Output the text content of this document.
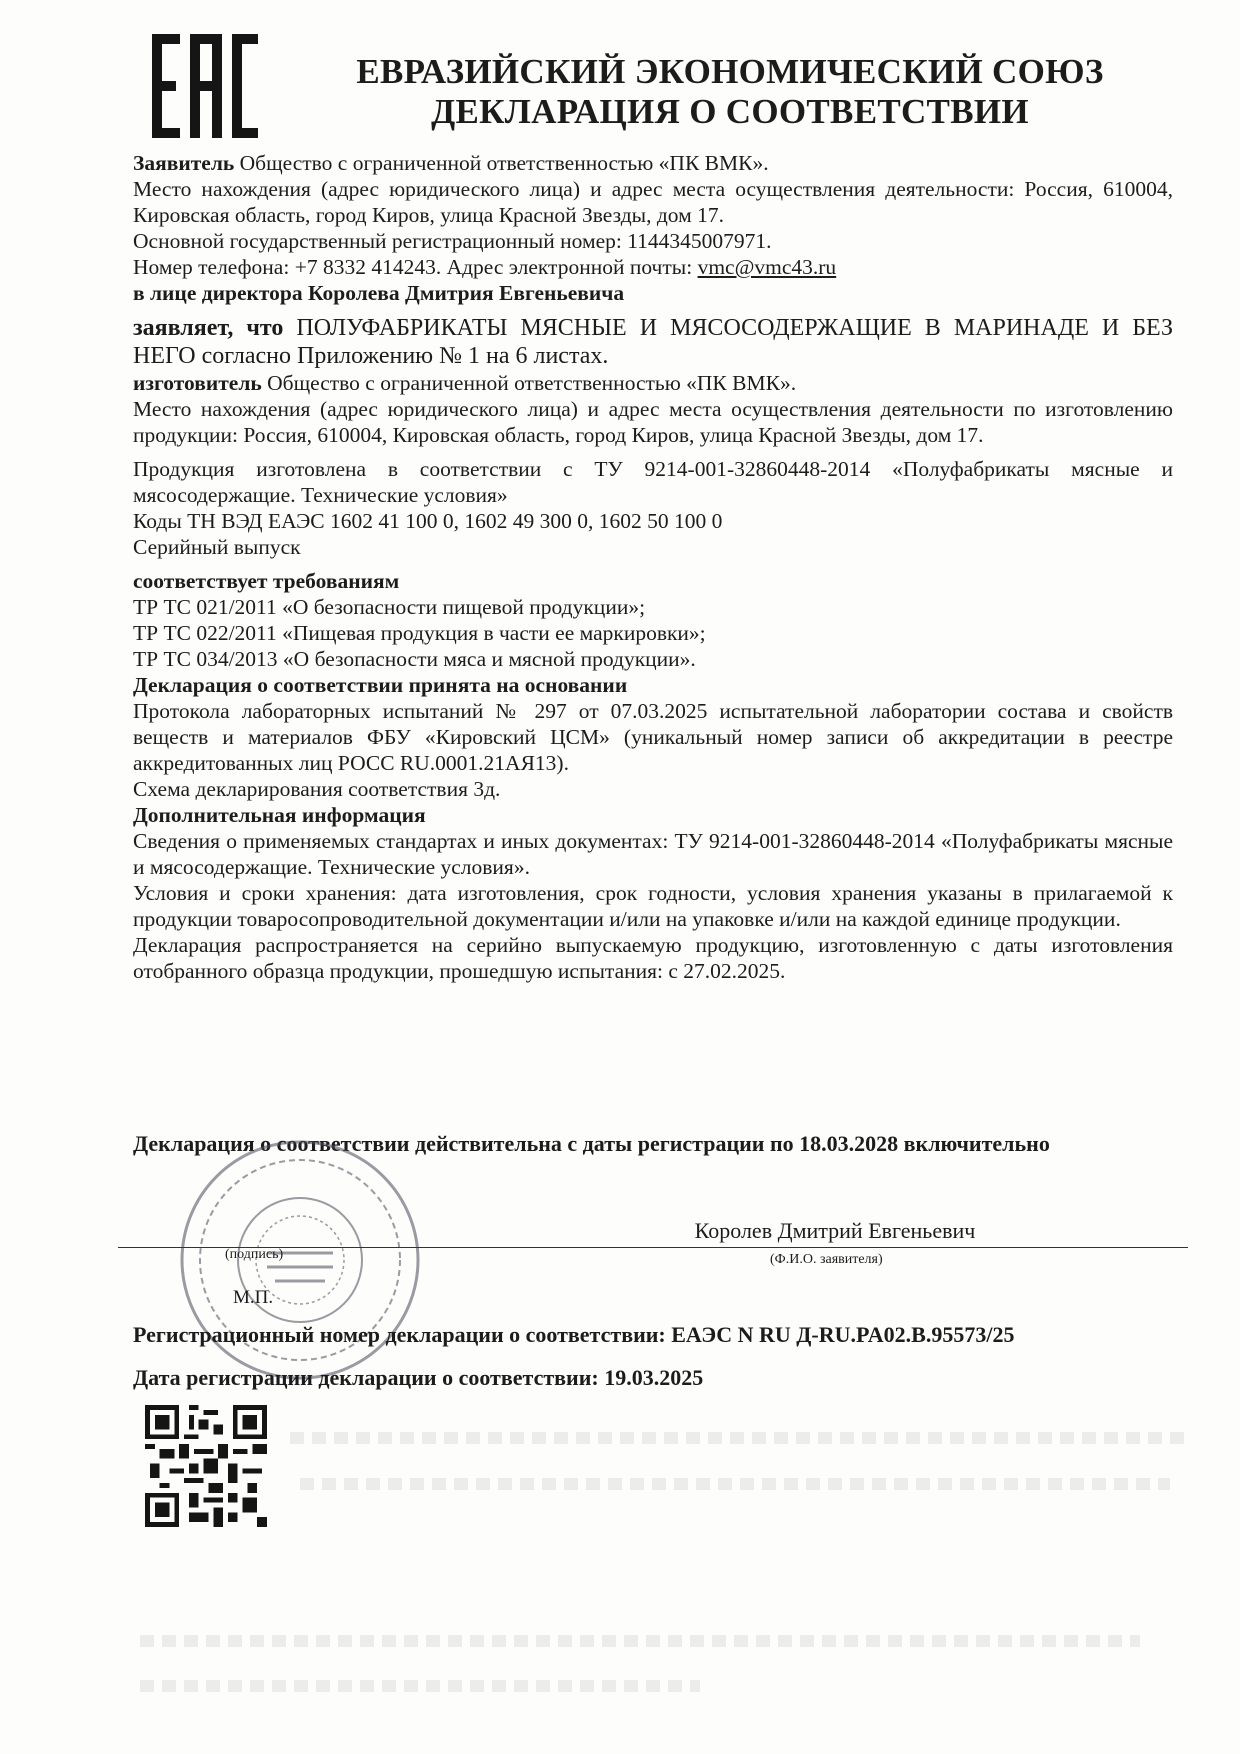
ЕВРАЗИЙСКИЙ ЭКОНОМИЧЕСКИЙ СОЮЗ
ДЕКЛАРАЦИЯ О СООТВЕТСТВИИ

Заявитель Общество с ограниченной ответственностью «ПК ВМК».

Место нахождения (адрес юридического лица) и адрес места осуществления деятельности: Россия, 610004, Кировская область, город Киров, улица Красной Звезды, дом 17.

Основной государственный регистрационный номер: 1144345007971.

Номер телефона: +7 8332 414243. Адрес электронной почты: vmc@vmc43.ru

в лице директора Королева Дмитрия Евгеньевича

заявляет, что ПОЛУФАБРИКАТЫ МЯСНЫЕ И МЯСОСОДЕРЖАЩИЕ В МАРИНАДЕ И БЕЗ НЕГО согласно Приложению № 1 на 6 листах.

изготовитель Общество с ограниченной ответственностью «ПК ВМК».

Место нахождения (адрес юридического лица) и адрес места осуществления деятельности по изготовлению продукции: Россия, 610004, Кировская область, город Киров, улица Красной Звезды, дом 17.

Продукция изготовлена в соответствии с ТУ 9214-001-32860448-2014 «Полуфабрикаты мясные и мясосодержащие. Технические условия»

Коды ТН ВЭД ЕАЭС 1602 41 100 0, 1602 49 300 0, 1602 50 100 0

Серийный выпуск

соответствует требованиям

ТР ТС 021/2011 «О безопасности пищевой продукции»;

ТР ТС 022/2011 «Пищевая продукция в части ее маркировки»;

ТР ТС 034/2013 «О безопасности мяса и мясной продукции».

Декларация о соответствии принята на основании

Протокола лабораторных испытаний № 297 от 07.03.2025 испытательной лаборатории состава и свойств веществ и материалов ФБУ «Кировский ЦСМ» (уникальный номер записи об аккредитации в реестре аккредитованных лиц РОСС RU.0001.21АЯ13).

Схема декларирования соответствия 3д.

Дополнительная информация

Сведения о применяемых стандартах и иных документах: ТУ 9214-001-32860448-2014 «Полуфабрикаты мясные и мясосодержащие. Технические условия».

Условия и сроки хранения: дата изготовления, срок годности, условия хранения указаны в прилагаемой к продукции товаросопроводительной документации и/или на упаковке и/или на каждой единице продукции.

Декларация распространяется на серийно выпускаемую продукцию, изготовленную с даты изготовления отобранного образца продукции, прошедшую испытания: с 27.02.2025.

Декларация о соответствии действительна с даты регистрации по 18.03.2028 включительно
Королев Дмитрий Евгеньевич
(подпись)	(Ф.И.О. заявителя)
М.П.
Регистрационный номер декларации о соответствии: ЕАЭС N RU Д-RU.PA02.B.95573/25
Дата регистрации декларации о соответствии: 19.03.2025
